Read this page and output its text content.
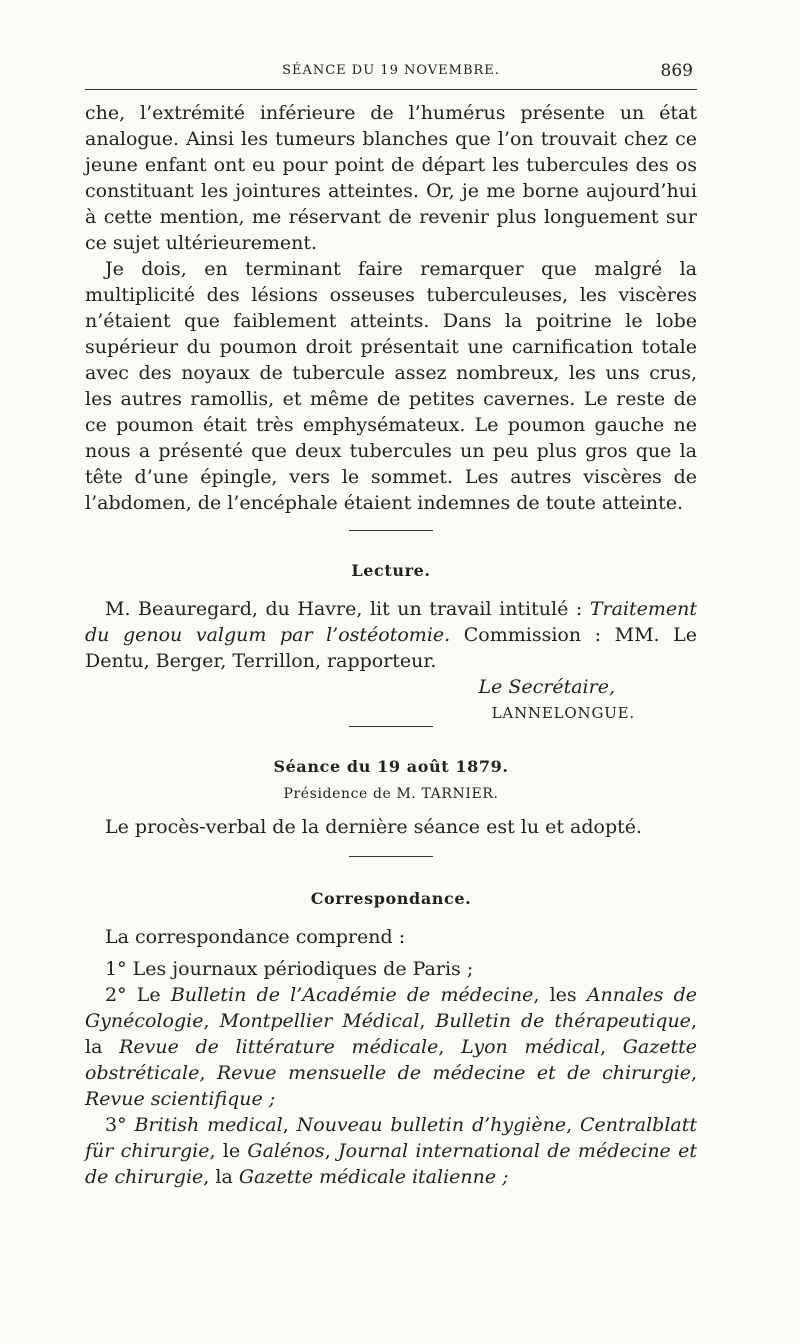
SÉANCE DU 19 NOVEMBRE.	869

che, l’extrémité inférieure de l’humérus présente un état analogue. Ainsi les tumeurs blanches que l’on trouvait chez ce jeune enfant ont eu pour point de départ les tubercules des os constituant les jointures atteintes. Or, je me borne aujourd’hui à cette mention, me réservant de revenir plus longuement sur ce sujet ultérieurement.

Je dois, en terminant faire remarquer que malgré la multiplicité des lésions osseuses tuberculeuses, les viscères n’étaient que faiblement atteints. Dans la poitrine le lobe supérieur du poumon droit présentait une carnification totale avec des noyaux de tubercule assez nombreux, les uns crus, les autres ramollis, et même de petites cavernes. Le reste de ce poumon était très emphysémateux. Le poumon gauche ne nous a présenté que deux tubercules un peu plus gros que la tête d’une épingle, vers le sommet. Les autres viscères de l’abdomen, de l’encéphale étaient indemnes de toute atteinte.

Lecture.

M. Beauregard, du Havre, lit un travail intitulé : Traitement du genou valgum par l’ostéotomie. Commission : MM. Le Dentu, Berger, Terrillon, rapporteur.

Le Secrétaire,
LANNELONGUE.
Séance du 19 août 1879.
Présidence de M. TARNIER.

Le procès-verbal de la dernière séance est lu et adopté.

Correspondance.

La correspondance comprend :

1° Les journaux périodiques de Paris ;

2° Le Bulletin de l’Académie de médecine, les Annales de Gynécologie, Montpellier Médical, Bulletin de thérapeutique, la Revue de littérature médicale, Lyon médical, Gazette obstréticale, Revue mensuelle de médecine et de chirurgie, Revue scientifique ;

3° British medical, Nouveau bulletin d’hygiène, Centralblatt für chirurgie, le Galénos, Journal international de médecine et de chirurgie, la Gazette médicale italienne ;
